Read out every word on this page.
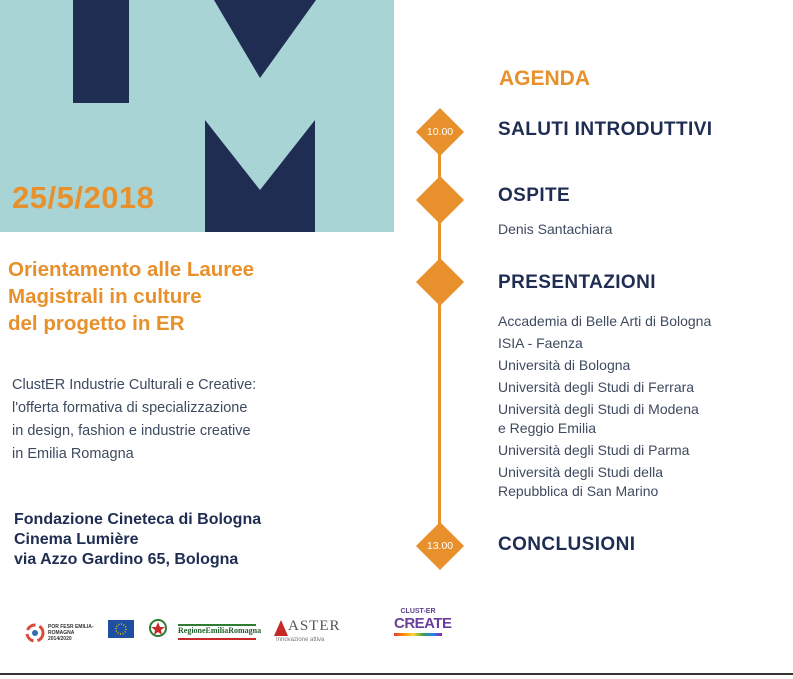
25/5/2018
Orientamento alle Lauree
Magistrali in culture
del progetto in ER
ClustER Industrie Culturali e Creative:
l'offerta formativa di specializzazione
in design, fashion e industrie creative
in Emilia Romagna
Fondazione Cineteca di Bologna
Cinema Lumière
via Azzo Gardino 65, Bologna
AGENDA
10.00	SALUTI INTRODUTTIVI
OSPITE
Denis Santachiara
PRESENTAZIONI
Accademia di Belle Arti di Bologna
ISIA - Faenza
Università di Bologna
Università degli Studi di Ferrara
Università degli Studi di Modena
e Reggio Emilia
Università degli Studi di Parma
Università degli Studi della
Repubblica di San Marino
13.00	CONCLUSIONI
POR FESR EMILIA-ROMAGNA 2014/2020
RegioneEmiliaRomagna ASTER
Innovazione attiva
CLUST-ER
CREATE
